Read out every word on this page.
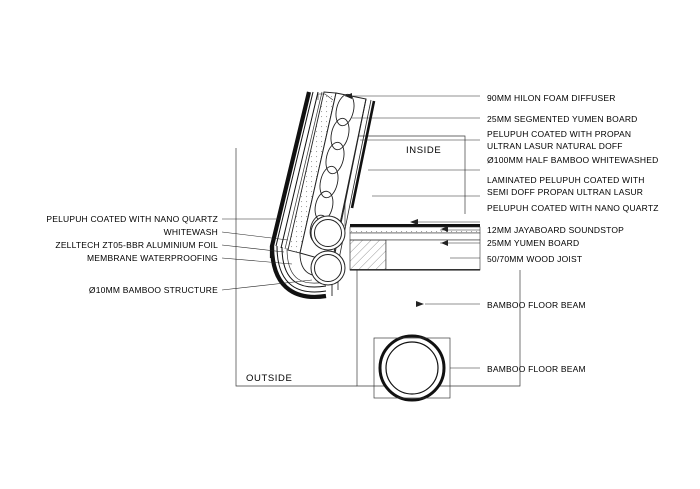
INSIDE
OUTSIDE
90MM HILON FOAM DIFFUSER
25MM SEGMENTED YUMEN BOARD
PELUPUH COATED WITH PROPAN
ULTRAN LASUR NATURAL DOFF
Ø100MM HALF BAMBOO WHITEWASHED
LAMINATED PELUPUH COATED WITH
SEMI DOFF PROPAN ULTRAN LASUR
PELUPUH COATED WITH NANO QUARTZ
12MM JAYABOARD SOUNDSTOP
25MM YUMEN BOARD
50/70MM WOOD JOIST
BAMBOO FLOOR BEAM
BAMBOO FLOOR BEAM
PELUPUH COATED WITH NANO QUARTZ
WHITEWASH
ZELLTECH ZT05-BBR ALUMINIUM FOIL
MEMBRANE WATERPROOFING
Ø10MM BAMBOO STRUCTURE
